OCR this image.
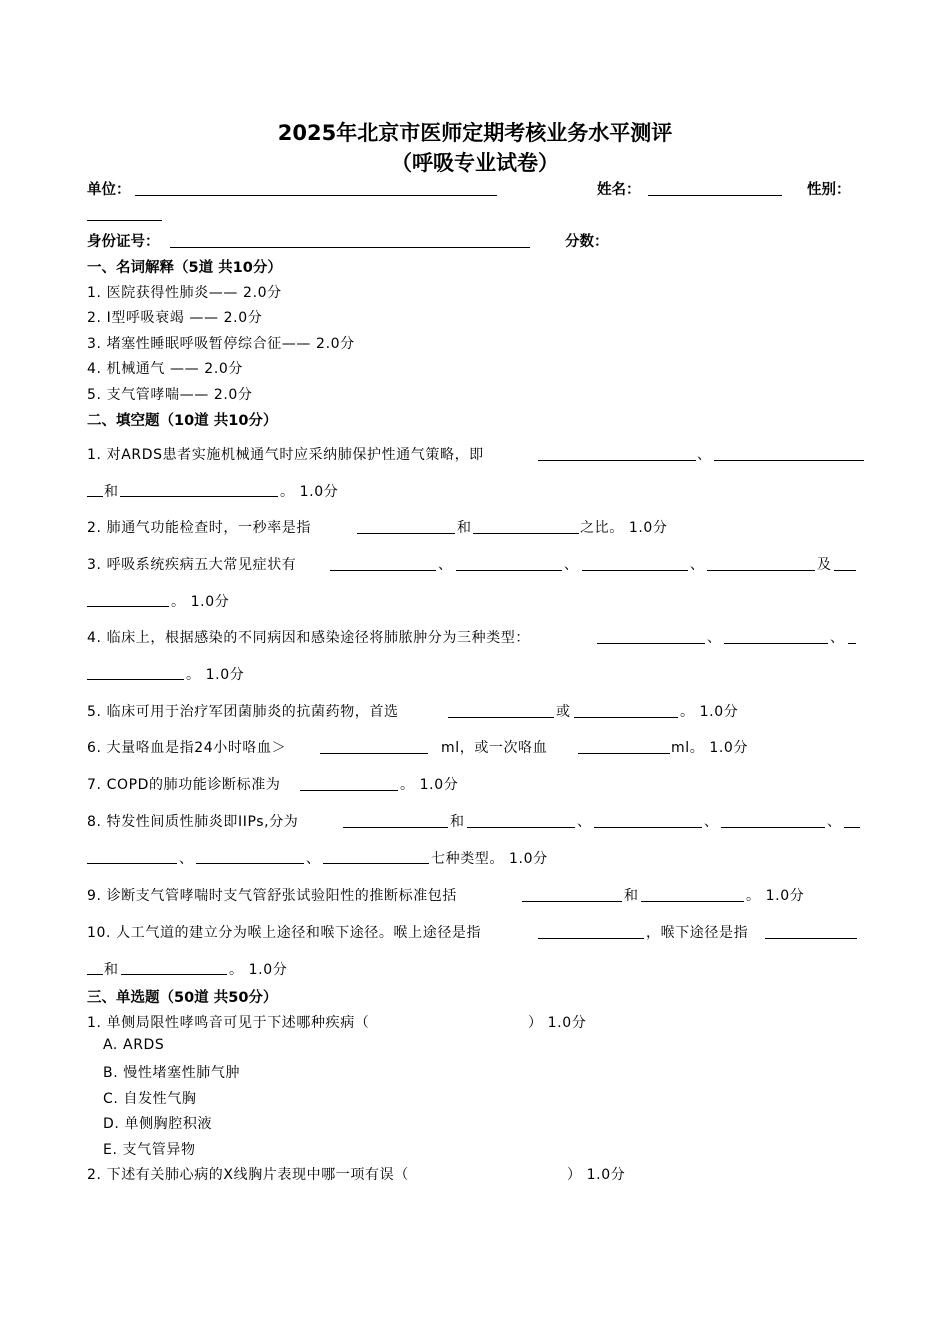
2025年北京市医师定期考核业务水平测评
（呼吸专业试卷）
单位：	姓名：	性别：
身份证号：	分数：
一、名词解释（5道 共10分）
1. 医院获得性肺炎—— 2.0分
2. Ⅰ型呼吸衰竭 —— 2.0分
3. 堵塞性睡眠呼吸暂停综合征—— 2.0分
4. 机械通气 —— 2.0分
5. 支气管哮喘—— 2.0分
二、填空题（10道 共10分）
1. 对ARDS患者实施机械通气时应采纳肺保护性通气策略，即	、
和	。 1.0分
2. 肺通气功能检查时，一秒率是指	和	之比。 1.0分
3. 呼吸系统疾病五大常见症状有	、	、	、	及
。 1.0分
4. 临床上，根据感染的不同病因和感染途径将肺脓肿分为三种类型：	、	、
。 1.0分
5. 临床可用于治疗军团菌肺炎的抗菌药物，首选	或	。 1.0分
6. 大量咯血是指24小时咯血＞	ml，或一次咯血	ml。 1.0分
7. COPD的肺功能诊断标准为	。 1.0分
8. 特发性间质性肺炎即IIPs,分为	和	、	、	、
、	、	七种类型。 1.0分
9. 诊断支气管哮喘时支气管舒张试验阳性的推断标准包括	和	。 1.0分
10. 人工气道的建立分为喉上途径和喉下途径。喉上途径是指	，喉下途径是指
和	。 1.0分
三、单选题（50道 共50分）
1. 单侧局限性哮鸣音可见于下述哪种疾病（	） 1.0分
A. ARDS
B. 慢性堵塞性肺气肿
C. 自发性气胸
D. 单侧胸腔积液
E. 支气管异物
2. 下述有关肺心病的X线胸片表现中哪一项有误（	） 1.0分
